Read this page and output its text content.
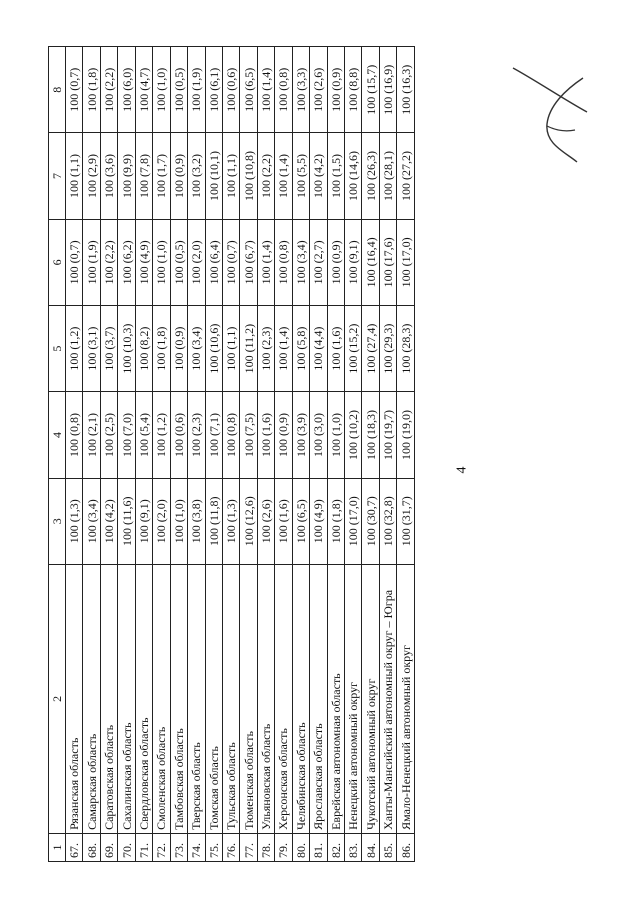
4
1	2	3	4	5	6	7	8
67.	Рязанская область	100 (1,3)	100 (0,8)	100 (1,2)	100 (0,7)	100 (1,1)	100 (0,7)
68.	Самарская область	100 (3,4)	100 (2,1)	100 (3,1)	100 (1,9)	100 (2,9)	100 (1,8)
69.	Саратовская область	100 (4,2)	100 (2,5)	100 (3,7)	100 (2,2)	100 (3,6)	100 (2,2)
70.	Сахалинская область	100 (11,6)	100 (7,0)	100 (10,3)	100 (6,2)	100 (9,9)	100 (6,0)
71.	Свердловская область	100 (9,1)	100 (5,4)	100 (8,2)	100 (4,9)	100 (7,8)	100 (4,7)
72.	Смоленская область	100 (2,0)	100 (1,2)	100 (1,8)	100 (1,0)	100 (1,7)	100 (1,0)
73.	Тамбовская область	100 (1,0)	100 (0,6)	100 (0,9)	100 (0,5)	100 (0,9)	100 (0,5)
74.	Тверская область	100 (3,8)	100 (2,3)	100 (3,4)	100 (2,0)	100 (3,2)	100 (1,9)
75.	Томская область	100 (11,8)	100 (7,1)	100 (10,6)	100 (6,4)	100 (10,1)	100 (6,1)
76.	Тульская область	100 (1,3)	100 (0,8)	100 (1,1)	100 (0,7)	100 (1,1)	100 (0,6)
77.	Тюменская область	100 (12,6)	100 (7,5)	100 (11,2)	100 (6,7)	100 (10,8)	100 (6,5)
78.	Ульяновская область	100 (2,6)	100 (1,6)	100 (2,3)	100 (1,4)	100 (2,2)	100 (1,4)
79.	Херсонская область	100 (1,6)	100 (0,9)	100 (1,4)	100 (0,8)	100 (1,4)	100 (0,8)
80.	Челябинская область	100 (6,5)	100 (3,9)	100 (5,8)	100 (3,4)	100 (5,5)	100 (3,3)
81.	Ярославская область	100 (4,9)	100 (3,0)	100 (4,4)	100 (2,7)	100 (4,2)	100 (2,6)
82.	Еврейская автономная область	100 (1,8)	100 (1,0)	100 (1,6)	100 (0,9)	100 (1,5)	100 (0,9)
83.	Ненецкий автономный округ	100 (17,0)	100 (10,2)	100 (15,2)	100 (9,1)	100 (14,6)	100 (8,8)
84.	Чукотский автономный округ	100 (30,7)	100 (18,3)	100 (27,4)	100 (16,4)	100 (26,3)	100 (15,7)
85.	Ханты-Мансийский автономный округ – Югра	100 (32,8)	100 (19,7)	100 (29,3)	100 (17,6)	100 (28,1)	100 (16,9)
86.	Ямало-Ненецкий автономный округ	100 (31,7)	100 (19,0)	100 (28,3)	100 (17,0)	100 (27,2)	100 (16,3)
